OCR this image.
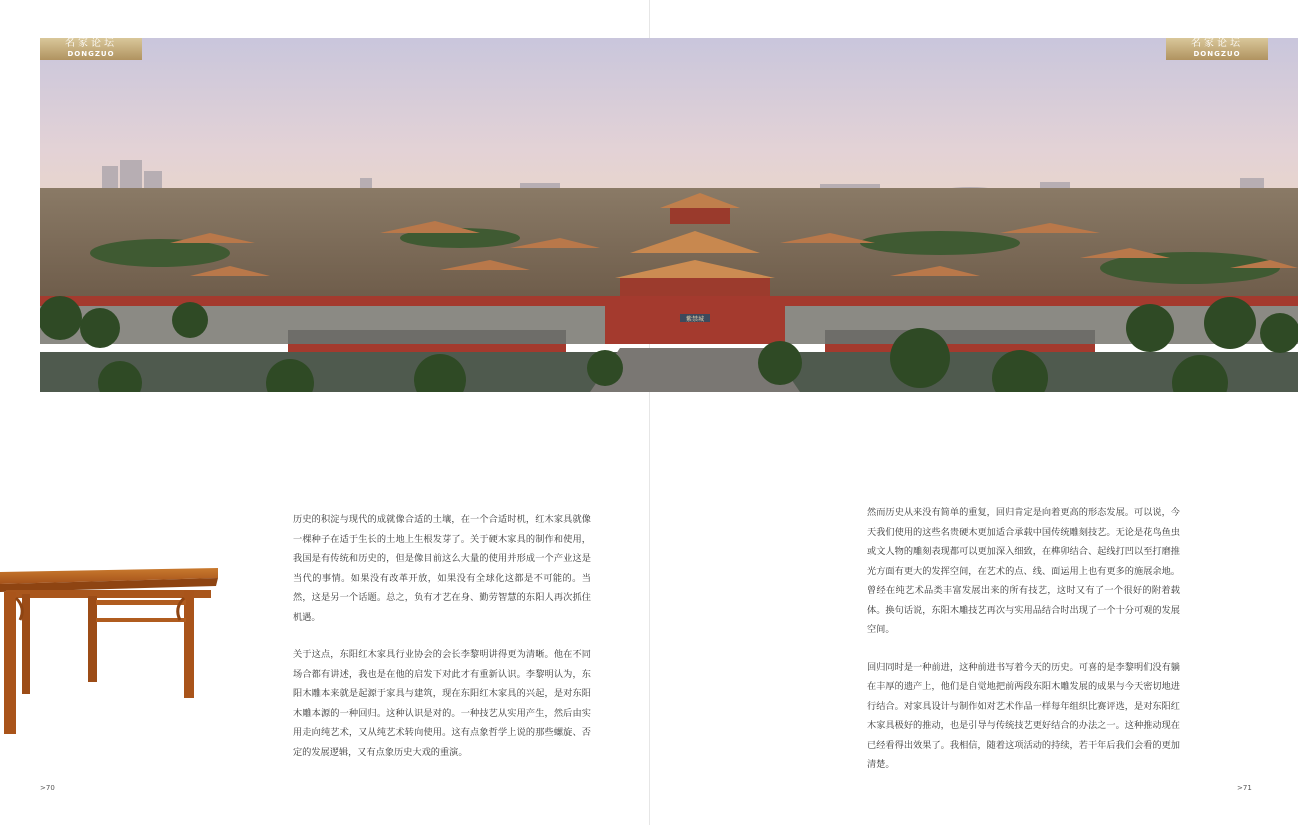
紫禁城
名家论坛
DONGZUO
名家论坛
DONGZUO

历史的积淀与现代的成就像合适的土壤，在一个合适时机，红木家具就像一棵种子在适于生长的土地上生根发芽了。关于硬木家具的制作和使用，我国是有传统和历史的，但是像目前这么大量的使用并形成一个产业这是当代的事情。如果没有改革开放，如果没有全球化这都是不可能的。当然，这是另一个话题。总之，负有才艺在身、勤劳智慧的东阳人再次抓住机遇。

关于这点，东阳红木家具行业协会的会长李黎明讲得更为清晰。他在不同场合都有讲述，我也是在他的启发下对此才有重新认识。李黎明认为，东阳木雕本来就是起源于家具与建筑，现在东阳红木家具的兴起，是对东阳木雕本源的一种回归。这种认识是对的。一种技艺从实用产生，然后由实用走向纯艺术，又从纯艺术转向使用。这有点象哲学上说的那些螺旋、否定的发展逻辑，又有点象历史大戏的重演。

然而历史从来没有简单的重复，回归肯定是向着更高的形态发展。可以说，今天我们使用的这些名贵硬木更加适合承载中国传统雕刻技艺。无论是花鸟鱼虫或文人物的雕刻表现都可以更加深入细致，在榫卯结合、起线打凹以至打磨推光方面有更大的发挥空间，在艺术的点、线、面运用上也有更多的施展余地。曾经在纯艺术品类丰富发展出来的所有技艺，这时又有了一个很好的附着载体。换句话说，东阳木雕技艺再次与实用品结合时出现了一个十分可观的发展空间。

回归同时是一种前进，这种前进书写着今天的历史。可喜的是李黎明们没有躺在丰厚的遗产上，他们是自觉地把前两段东阳木雕发展的成果与今天密切地进行结合。对家具设计与制作如对艺术作品一样每年组织比赛评选，是对东阳红木家具极好的推动，也是引导与传统技艺更好结合的办法之一。这种推动现在已经看得出效果了。我相信，随着这项活动的持续，若干年后我们会看的更加清楚。

>70	>71
